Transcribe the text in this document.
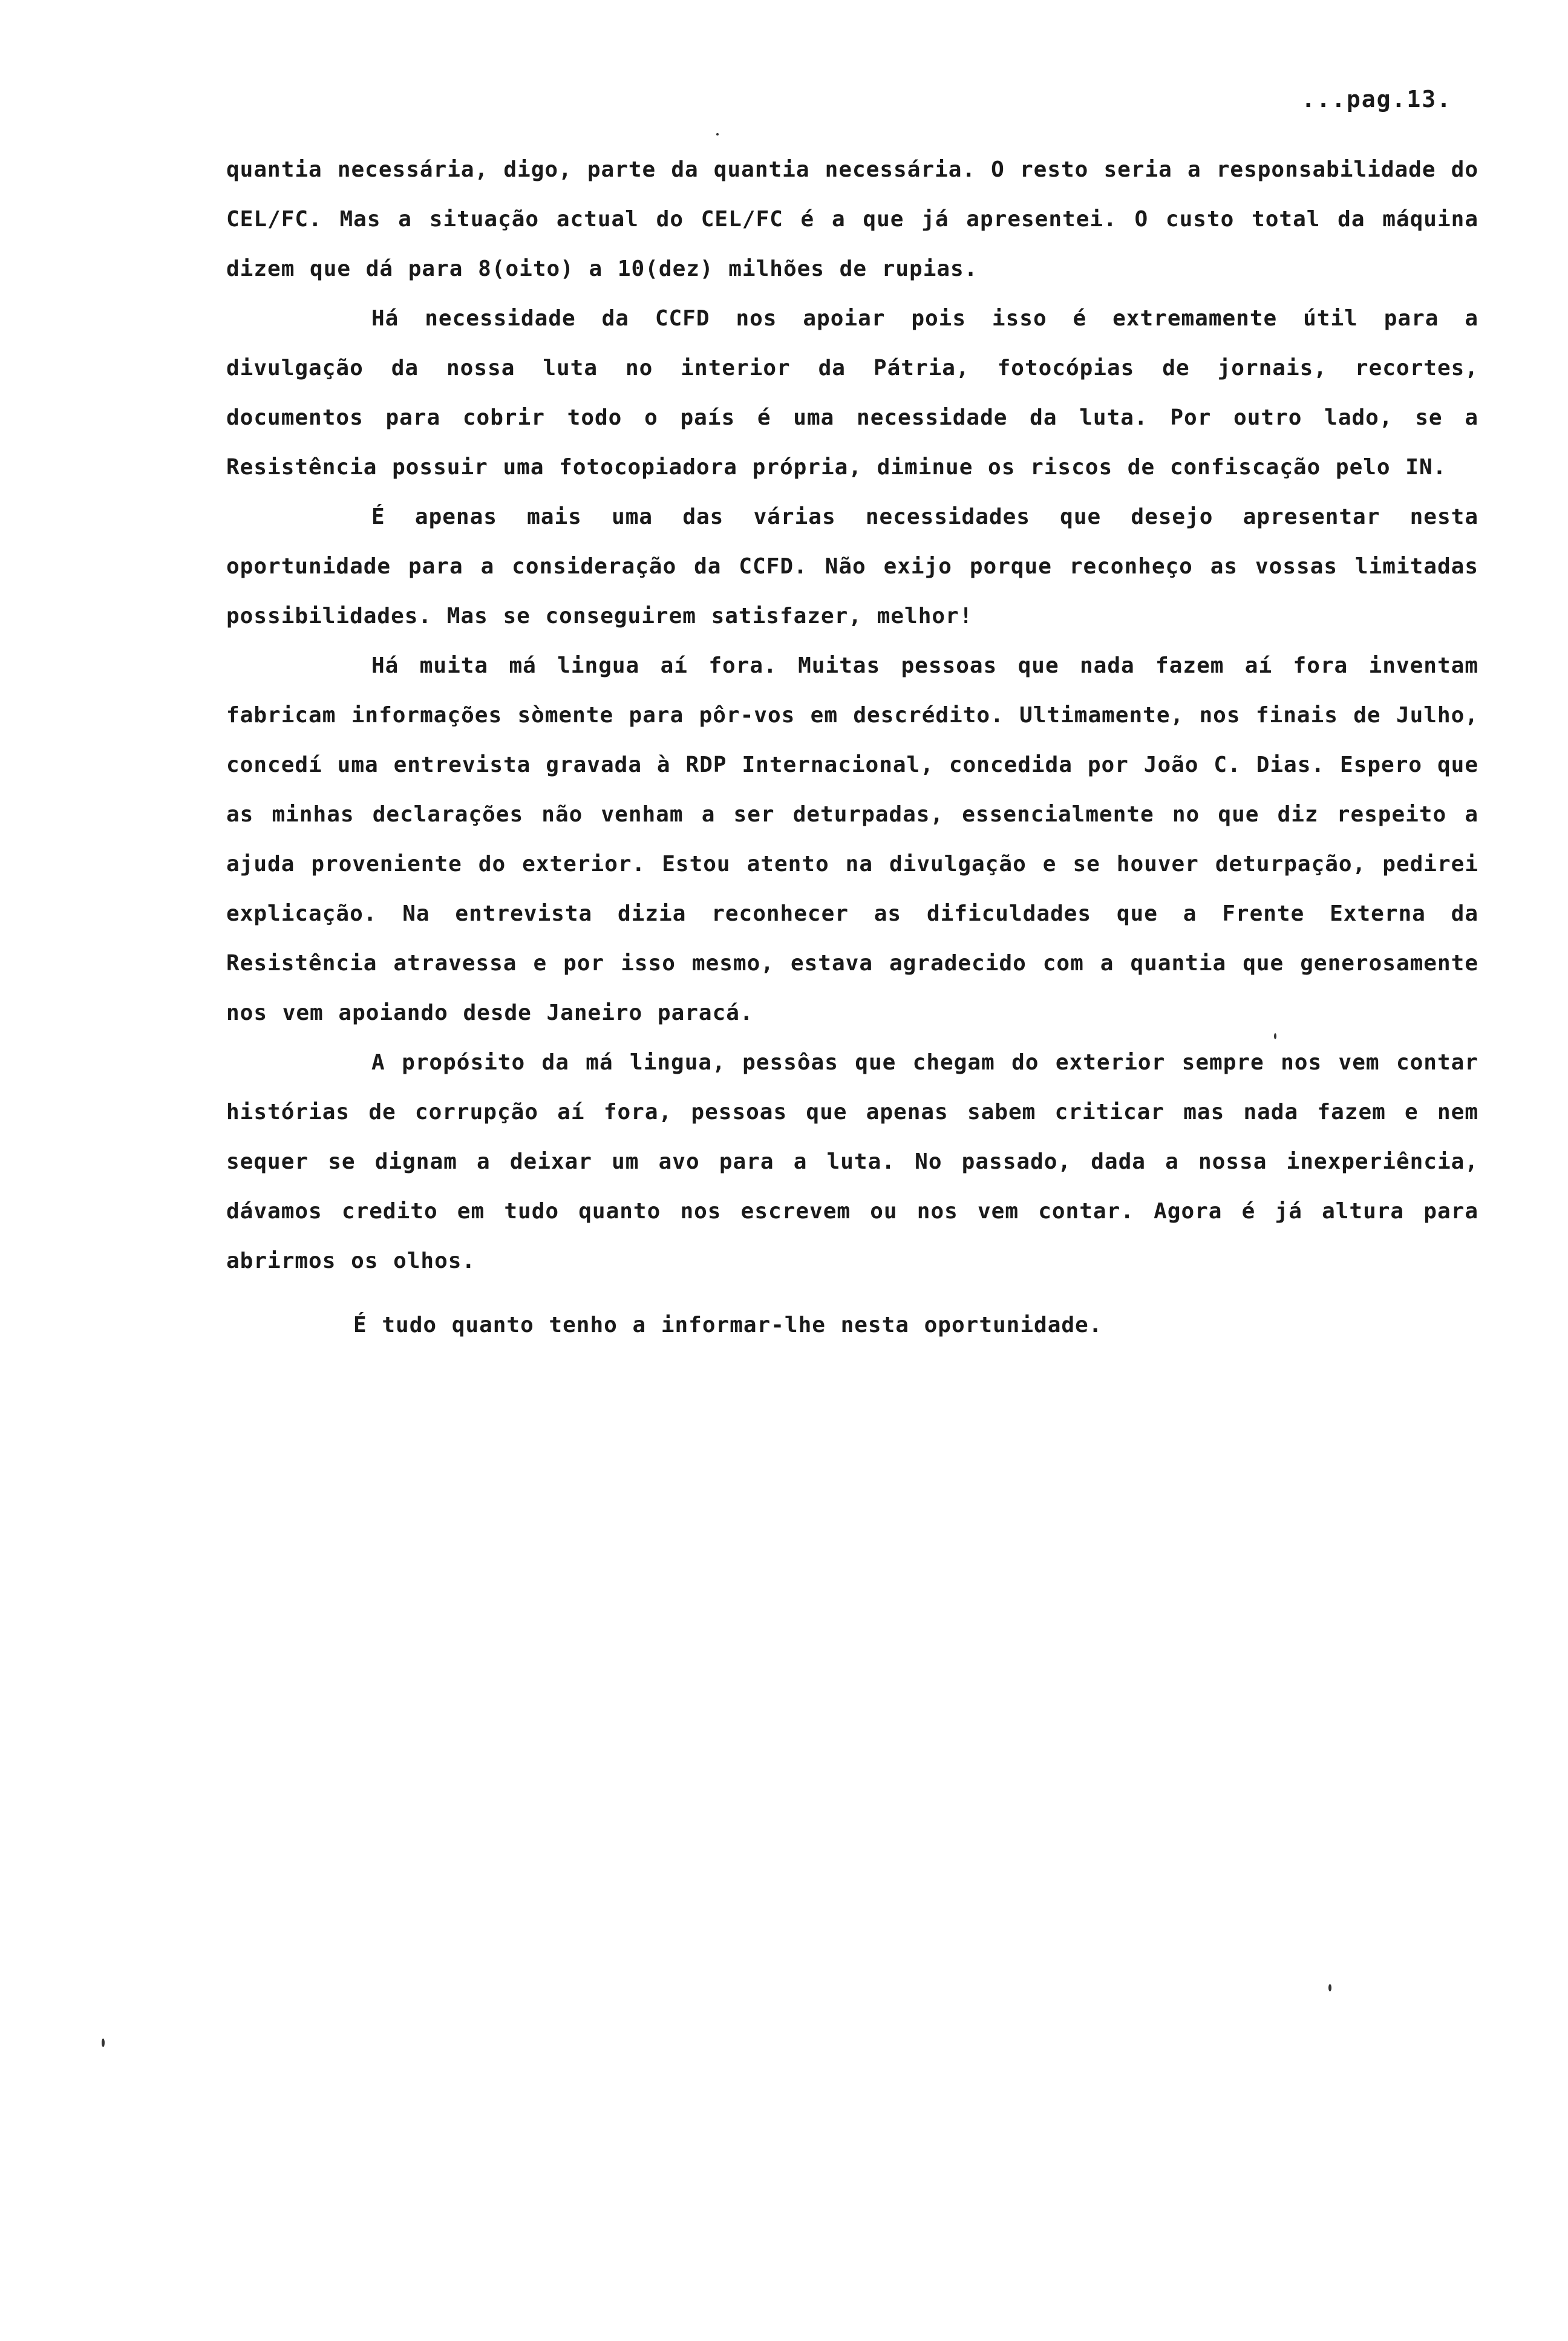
...pag.13.

quantia necessária, digo, parte da quantia necessária. O resto seria a responsabilidade do CEL/FC. Mas a situação actual do CEL/FC é a que já apresentei. O custo total da máquina dizem que dá para 8(oito) a 10(dez) milhões de rupias.

Há necessidade da CCFD nos apoiar pois isso é extremamente útil para a divulgação da nossa luta no interior da Pátria, fotocópias de jornais, recortes, documentos para cobrir todo o país é uma necessidade da luta. Por outro lado, se a Resistência possuir uma fotocopiadora própria, diminue os riscos de confiscação pelo IN.

É apenas mais uma das várias necessidades que desejo apresentar nesta oportunidade para a consideração da CCFD. Não exijo porque reconheço as vossas limitadas possibilidades. Mas se conseguirem satisfazer, melhor!

Há muita má lingua aí fora. Muitas pessoas que nada fazem aí fora inventam fabricam informações sòmente para pôr-vos em descrédito. Ultimamente, nos finais de Julho, concedí uma entrevista gravada à RDP Internacional, concedida por João C. Dias. Espero que as minhas declarações não venham a ser deturpadas, essencialmente no que diz respeito a ajuda proveniente do exterior. Estou atento na divulgação e se houver deturpação, pedirei explicação. Na entrevista dizia reconhecer as dificuldades que a Frente Externa da Resistência atravessa e por isso mesmo, estava agradecido com a quantia que generosamente nos vem apoiando desde Janeiro paracá.

A propósito da má lingua, pessôas que chegam do exterior sempre nos vem contar histórias de corrupção aí fora, pessoas que apenas sabem criticar mas nada fazem e nem sequer se dignam a deixar um avo para a luta. No passado, dada a nossa inexperiência, dávamos credito em tudo quanto nos escrevem ou nos vem contar. Agora é já altura para abrirmos os olhos.

É tudo quanto tenho a informar-lhe nesta oportunidade.
